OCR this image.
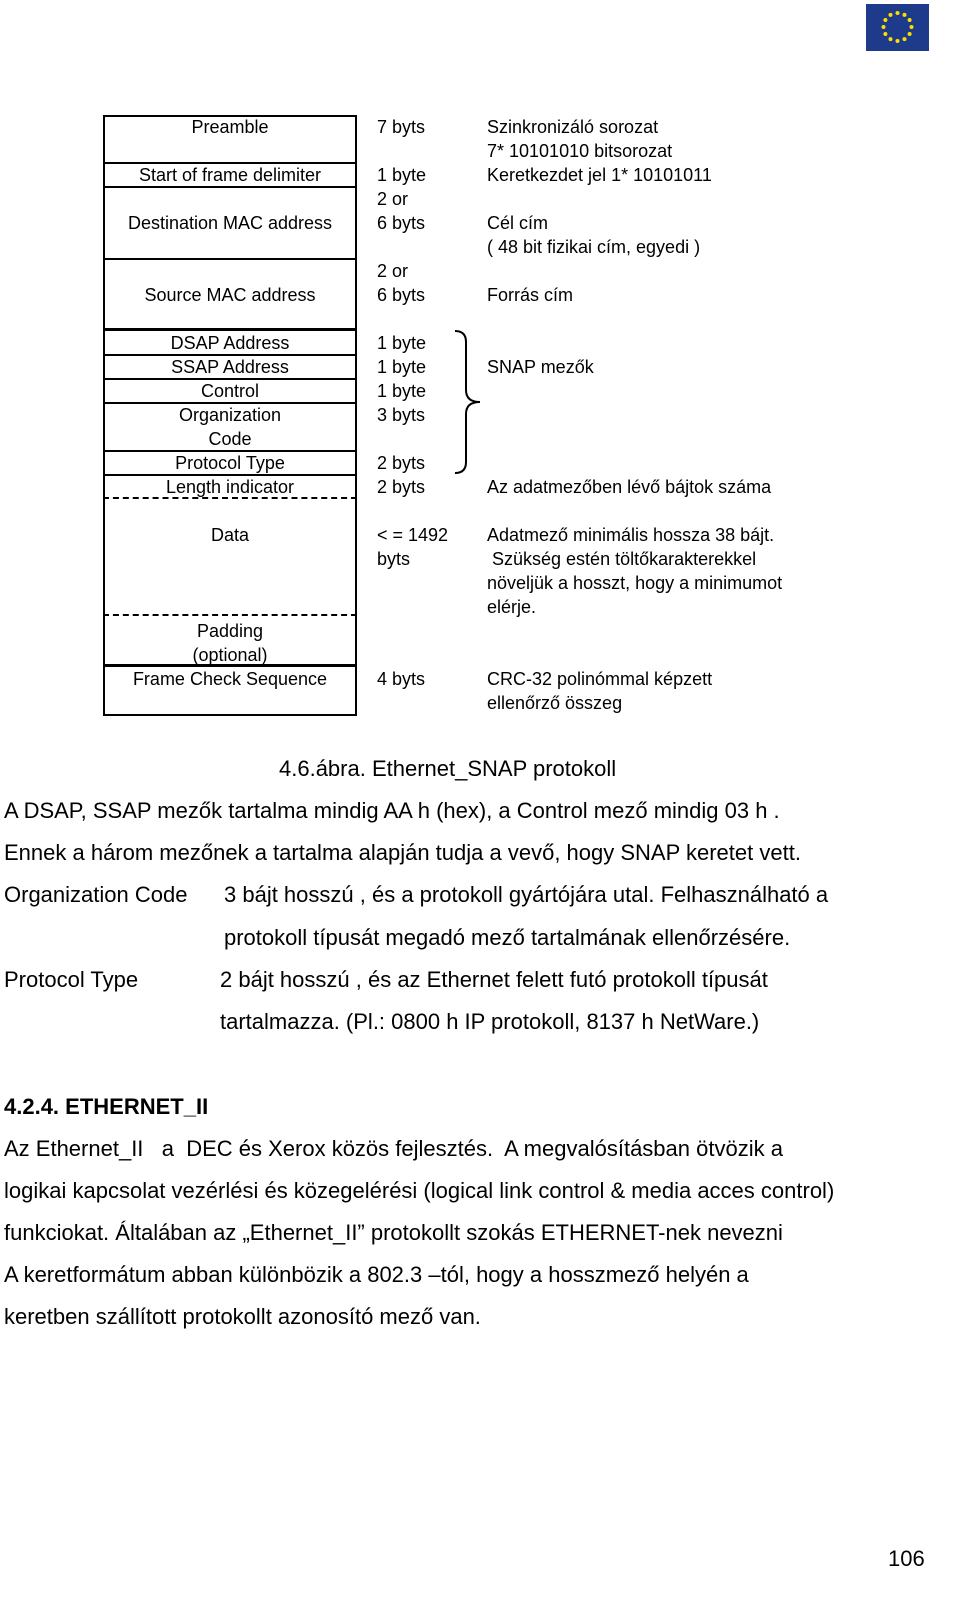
Preamble
Start of frame delimiter
Destination MAC address
Source MAC address
DSAP Address
SSAP Address
Control
Organization
Code
Protocol Type
Length indicator
Data
Padding
(optional)
Frame Check Sequence
7 byts
1 byte
2 or
6 byts
2 or
6 byts
1 byte
1 byte
1 byte
3 byts
2 byts
2 byts
< = 1492
byts
4 byts
Szinkronizáló sorozat
7* 10101010 bitsorozat
Keretkezdet jel 1* 10101011
Cél cím
( 48 bit fizikai cím, egyedi )
Forrás cím
SNAP mezők
Az adatmezőben lévő bájtok száma
Adatmező minimális hossza 38 bájt.
Szükség estén töltőkarakterekkel
növeljük a hosszt, hogy a minimumot
elérje.
CRC-32 polinómmal képzett
ellenőrző összeg
4.6.ábra. Ethernet_SNAP protokoll
A DSAP, SSAP mezők tartalma mindig AA h (hex), a Control mező mindig 03 h .
Ennek a három mezőnek a tartalma alapján tudja a vevő, hogy SNAP keretet vett.
Organization Code 3 bájt hosszú , és a protokoll gyártójára utal. Felhasználható a
protokoll típusát megadó mező tartalmának ellenőrzésére.
Protocol Type	2 bájt hosszú , és az Ethernet felett futó protokoll típusát
tartalmazza. (Pl.: 0800 h IP protokoll, 8137 h NetWare.)
4.2.4. ETHERNET_II
Az Ethernet_II   a  DEC és Xerox közös fejlesztés.  A megvalósításban ötvözik a
logikai kapcsolat vezérlési és közegelérési (logical link control & media acces control)
funkciokat. Általában az „Ethernet_II” protokollt szokás ETHERNET-nek nevezni
A keretformátum abban különbözik a 802.3 –tól, hogy a hosszmező helyén a
keretben szállított protokollt azonosító mező van.
106
